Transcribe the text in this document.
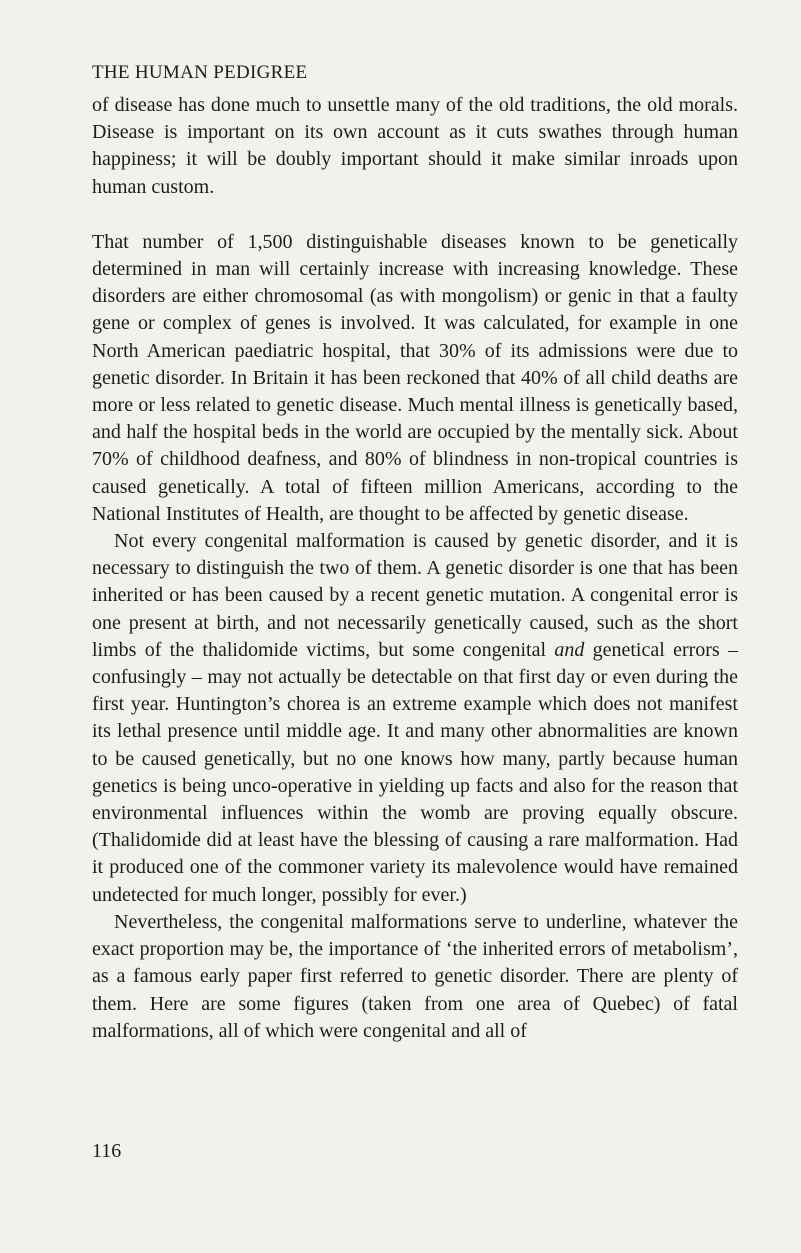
THE HUMAN PEDIGREE

of disease has done much to unsettle many of the old traditions, the old morals. Disease is important on its own account as it cuts swathes through human happiness; it will be doubly important should it make similar inroads upon human custom.

That number of 1,500 distinguishable diseases known to be genetically determined in man will certainly increase with increasing knowledge. These disorders are either chromosomal (as with mongolism) or genic in that a faulty gene or complex of genes is involved. It was calculated, for example in one North American paediatric hospital, that 30% of its admissions were due to genetic disorder. In Britain it has been reckoned that 40% of all child deaths are more or less related to genetic disease. Much mental illness is genetically based, and half the hospital beds in the world are occupied by the mentally sick. About 70% of childhood deafness, and 80% of blindness in non-tropical countries is caused genetically. A total of fifteen million Americans, according to the National Institutes of Health, are thought to be affected by genetic disease.

Not every congenital malformation is caused by genetic disorder, and it is necessary to distinguish the two of them. A genetic disorder is one that has been inherited or has been caused by a recent genetic mutation. A congenital error is one present at birth, and not necessarily genetically caused, such as the short limbs of the thalidomide victims, but some congenital and genetical errors – confusingly – may not actually be detectable on that first day or even during the first year. Huntington’s chorea is an extreme example which does not manifest its lethal presence until middle age. It and many other abnormalities are known to be caused genetically, but no one knows how many, partly because human genetics is being unco-operative in yielding up facts and also for the reason that environmental influences within the womb are proving equally obscure. (Thalidomide did at least have the blessing of causing a rare malformation. Had it produced one of the commoner variety its malevolence would have remained undetected for much longer, possibly for ever.)

Nevertheless, the congenital malformations serve to underline, whatever the exact proportion may be, the importance of ‘the inherited errors of metabolism’, as a famous early paper first referred to genetic disorder. There are plenty of them. Here are some figures (taken from one area of Quebec) of fatal malformations, all of which were congenital and all of

116
